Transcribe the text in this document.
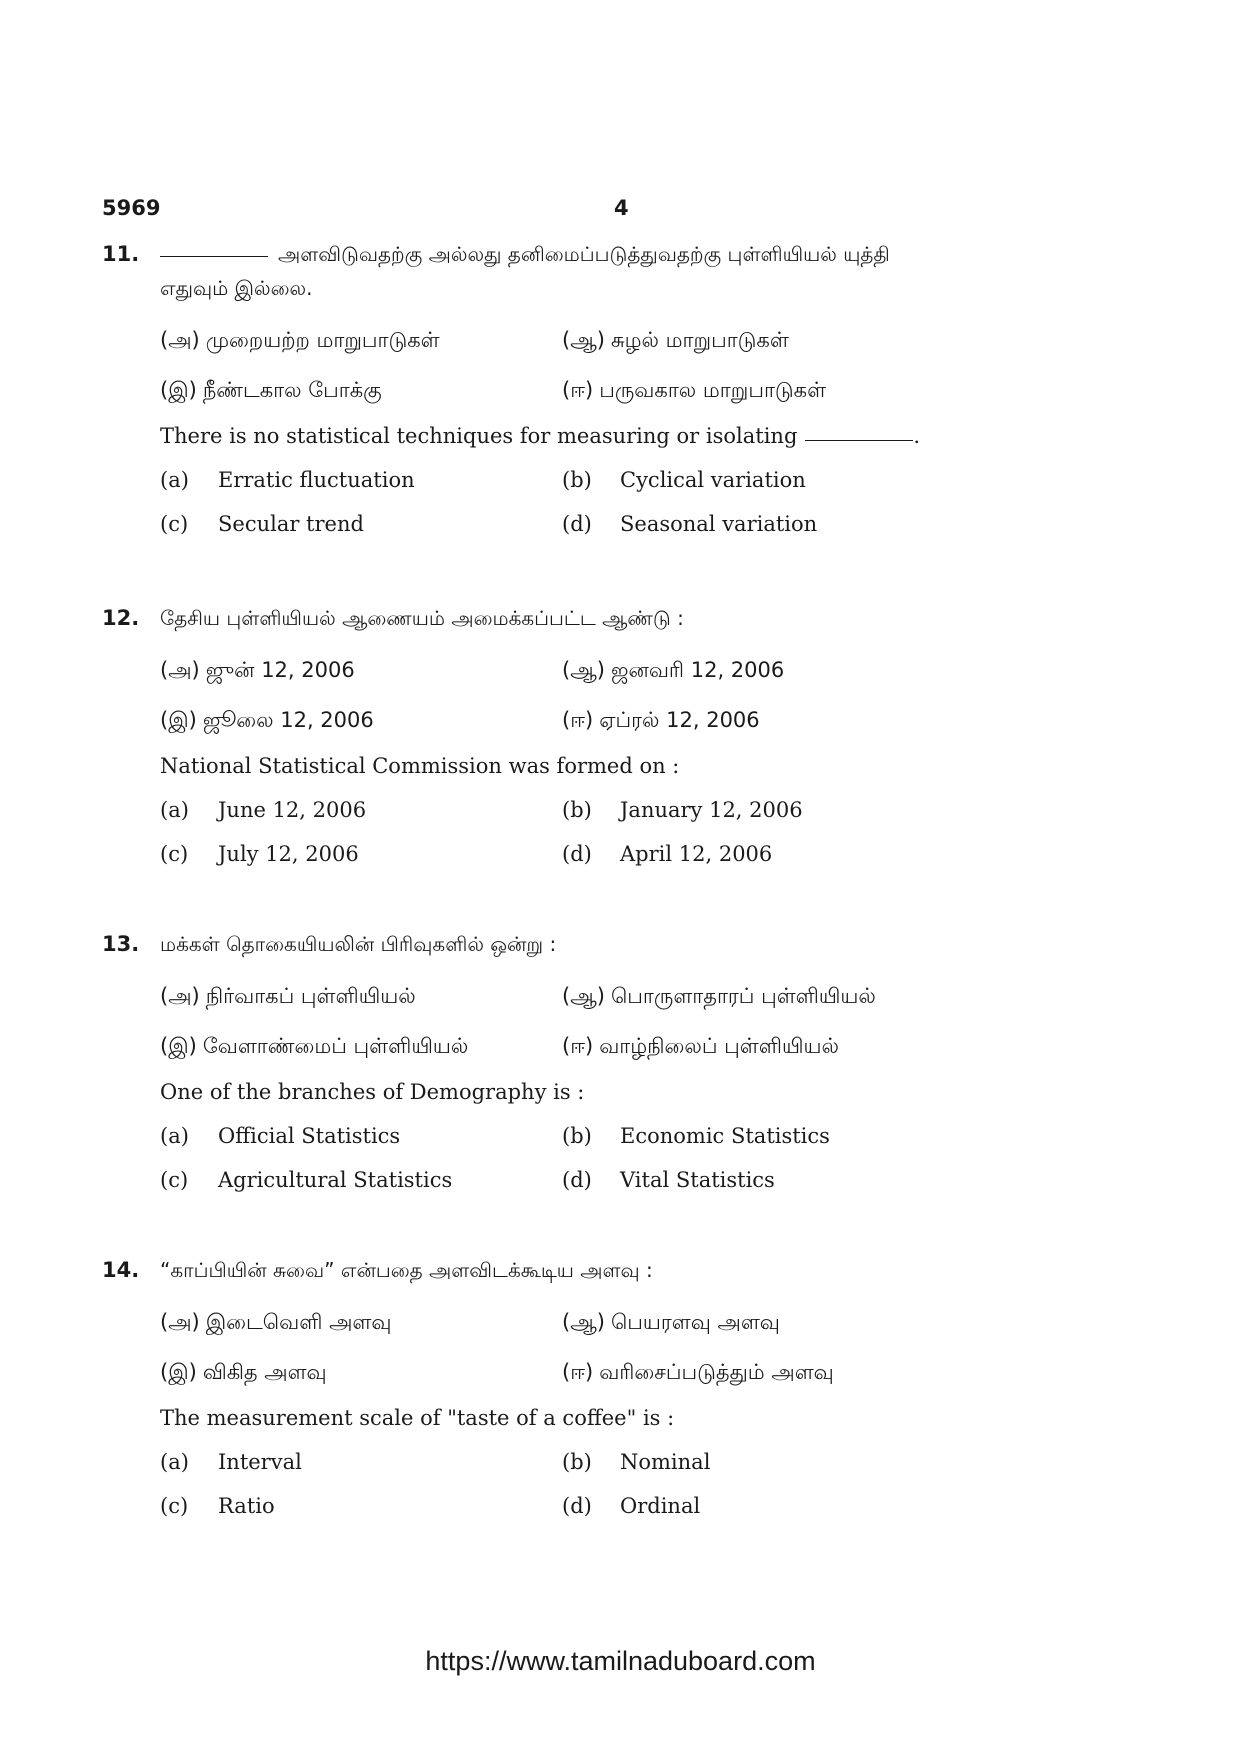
5969	4
11.	அளவிடுவதற்கு அல்லது தனிமைப்படுத்துவதற்கு புள்ளியியல் யுத்தி
எதுவும் இல்லை.
(அ) முறையற்ற மாறுபாடுகள்	(ஆ) சுழல் மாறுபாடுகள்
(இ) நீண்டகால போக்கு	(ஈ) பருவகால மாறுபாடுகள்
There is no statistical techniques for measuring or isolating	.
(a) Erratic fluctuation	(b) Cyclical variation
(c) Secular trend	(d) Seasonal variation
12. தேசிய புள்ளியியல் ஆணையம் அமைக்கப்பட்ட ஆண்டு :
(அ) ஜுன் 12, 2006	(ஆ) ஜனவரி 12, 2006
(இ) ஜூலை 12, 2006	(ஈ) ஏப்ரல் 12, 2006
National Statistical Commission was formed on :
(a) June 12, 2006	(b) January 12, 2006
(c) July 12, 2006	(d) April 12, 2006
13. மக்கள் தொகையியலின் பிரிவுகளில் ஒன்று :
(அ) நிர்வாகப் புள்ளியியல்	(ஆ) பொருளாதாரப் புள்ளியியல்
(இ) வேளாண்மைப் புள்ளியியல்	(ஈ) வாழ்நிலைப் புள்ளியியல்
One of the branches of Demography is :
(a) Official Statistics	(b) Economic Statistics
(c) Agricultural Statistics	(d) Vital Statistics
14. “காப்பியின் சுவை” என்பதை அளவிடக்கூடிய அளவு :
(அ) இடைவெளி அளவு	(ஆ) பெயரளவு அளவு
(இ) விகித அளவு	(ஈ) வரிசைப்படுத்தும் அளவு
The measurement scale of "taste of a coffee" is :
(a) Interval	(b) Nominal
(c) Ratio	(d) Ordinal
https://www.tamilnaduboard.com
